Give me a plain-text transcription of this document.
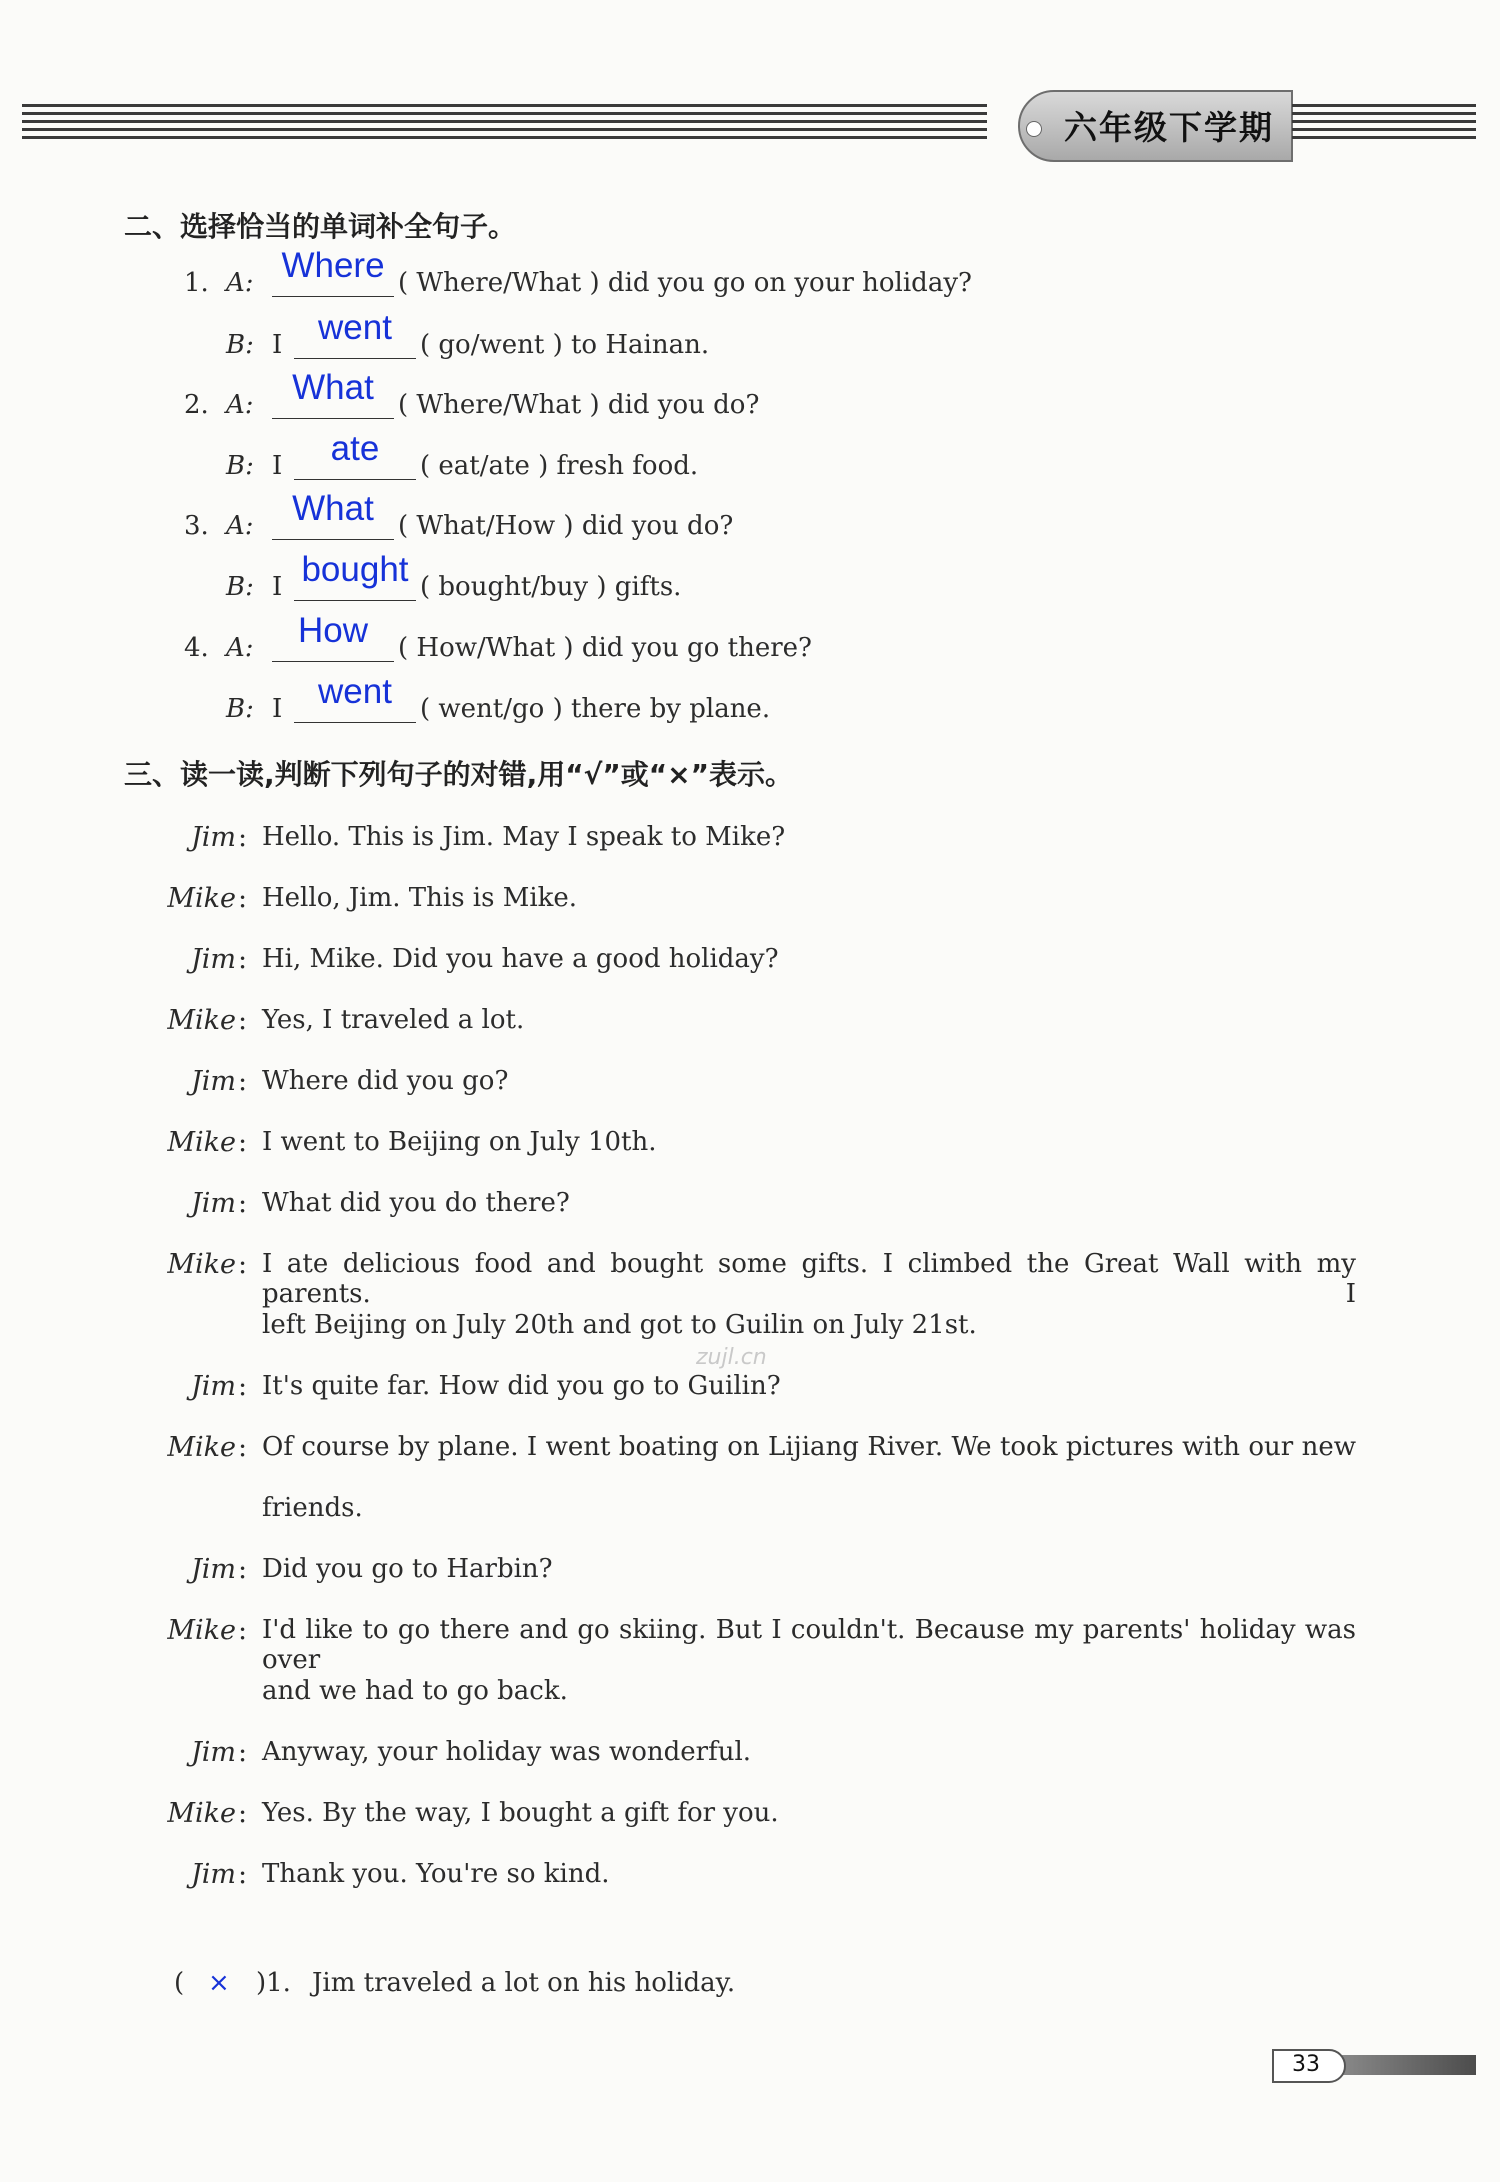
六年级下学期
二、选择恰当的单词补全句子。
1. A: Where ( Where/What ) did you go on your holiday?
B: I	went	( go/went ) to Hainan.
2. A:	What ( Where/What ) did you do?
B: I	ate	( eat/ate ) fresh food.
3. A:	What ( What/How ) did you do?
B: I bought ( bought/buy ) gifts.
4. A:	How	( How/What ) did you go there?
B: I	went	( went/go ) there by plane.
三、读一读,判断下列句子的对错,用“√”或“×”表示。
Jim : Hello. This is Jim. May I speak to Mike?
Mike : Hello, Jim. This is Mike.
Jim : Hi, Mike. Did you have a good holiday?
Mike : Yes, I traveled a lot.
Jim : Where did you go?
Mike : I went to Beijing on July 10th.
Jim : What did you do there?
Mike : I ate delicious food and bought some gifts. I climbed the Great Wall with my parents. I
left Beijing on July 20th and got to Guilin on July 21st.
Jim : It's quite far. How did you go to Guilin?
Mike : Of course by plane. I went boating on Lijiang River. We took pictures with our new
friends.
Jim : Did you go to Harbin?
Mike : I'd like to go there and go skiing. But I couldn't. Because my parents' holiday was over
and we had to go back.
Jim : Anyway, your holiday was wonderful.
Mike : Yes. By the way, I bought a gift for you.
Jim : Thank you. You're so kind.
zujl.cn
( × )1. Jim traveled a lot on his holiday.
33
